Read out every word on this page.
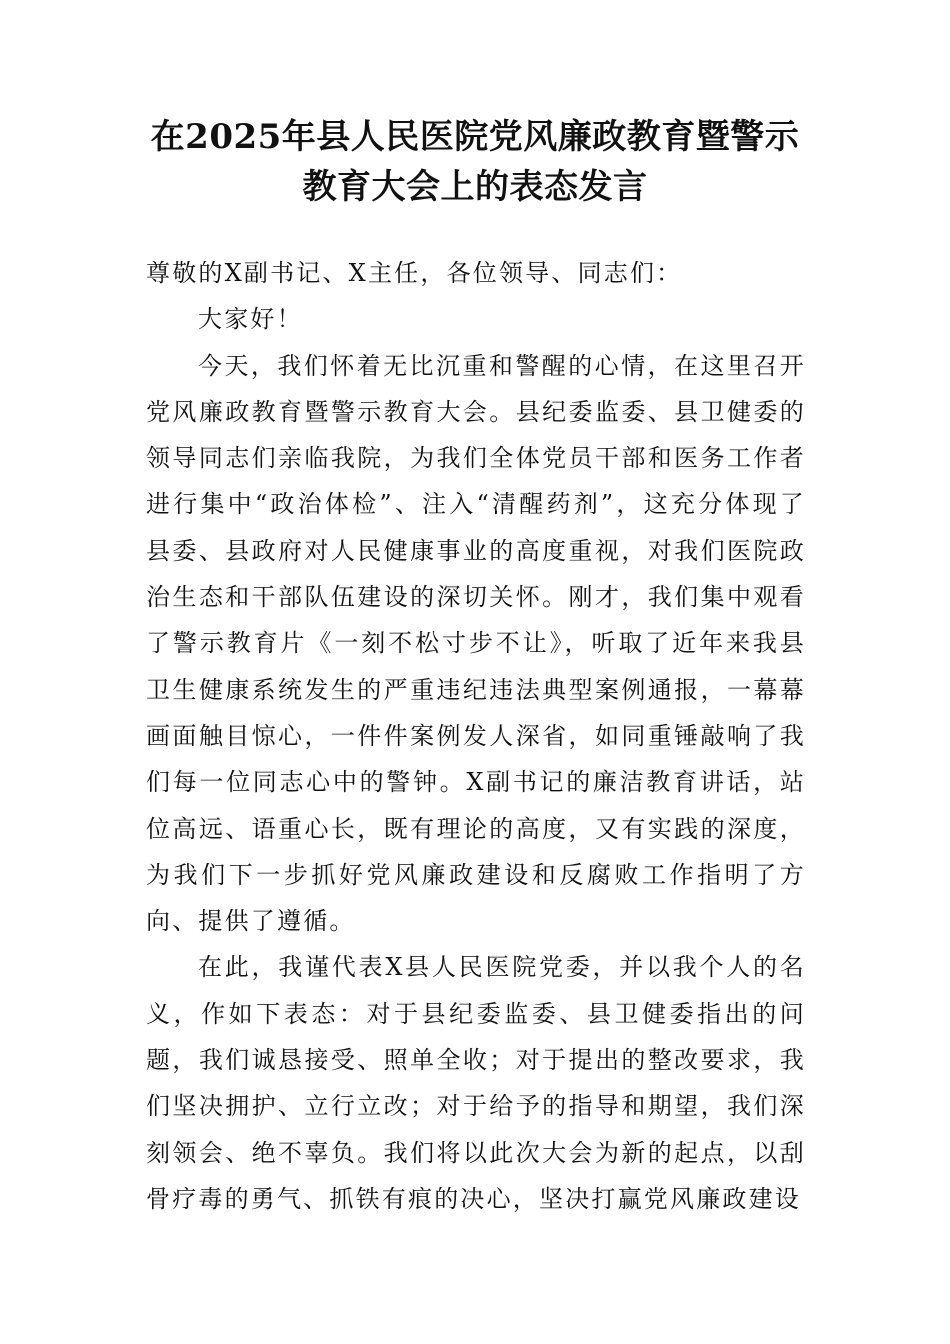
在2025年县人民医院党风廉政教育暨警示
教育大会上的表态发言

尊敬的X副书记、X主任，各位领导、同志们：

大家好！

今天，我们怀着无比沉重和警醒的心情，在这里召开党风廉政教育暨警示教育大会。县纪委监委、县卫健委的领导同志们亲临我院，为我们全体党员干部和医务工作者进行集中“政治体检”、注入“清醒药剂”，这充分体现了县委、县政府对人民健康事业的高度重视，对我们医院政治生态和干部队伍建设的深切关怀。刚才，我们集中观看了警示教育片《一刻不松寸步不让》，听取了近年来我县卫生健康系统发生的严重违纪违法典型案例通报，一幕幕画面触目惊心，一件件案例发人深省，如同重锤敲响了我们每一位同志心中的警钟。X副书记的廉洁教育讲话，站位高远、语重心长，既有理论的高度，又有实践的深度，为我们下一步抓好党风廉政建设和反腐败工作指明了方向、提供了遵循。

在此，我谨代表X县人民医院党委，并以我个人的名义，作如下表态：对于县纪委监委、县卫健委指出的问题，我们诚恳接受、照单全收；对于提出的整改要求，我们坚决拥护、立行立改；对于给予的指导和期望，我们深刻领会、绝不辜负。我们将以此次大会为新的起点，以刮骨疗毒的勇气、抓铁有痕的决心，坚决打赢党风廉政建设
